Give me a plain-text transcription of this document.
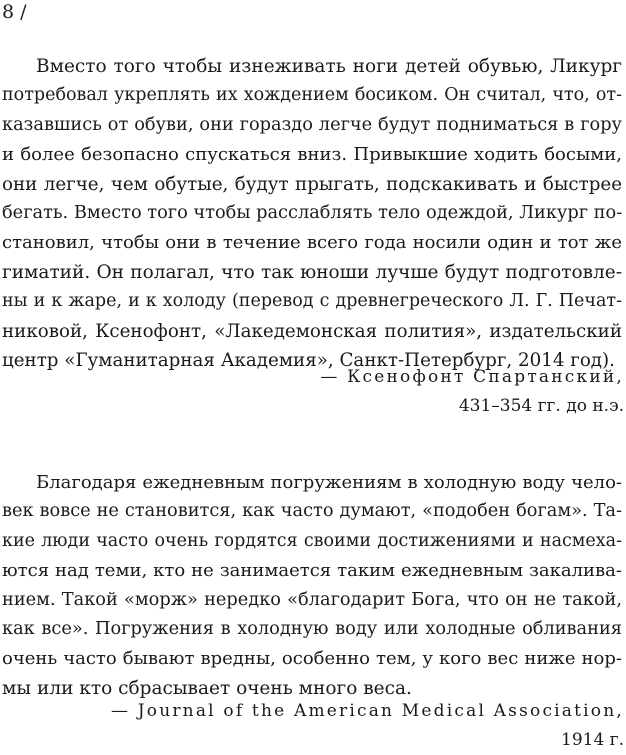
8 /
Вместо того чтобы изнеживать ноги детей обувью, Ликург
потребовал укреплять их хождением босиком. Он считал, что, от-
казавшись от обуви, они гораздо легче будут подниматься в гору
и более безопасно спускаться вниз. Привыкшие ходить босыми,
они легче, чем обутые, будут прыгать, подскакивать и быстрее
бегать. Вместо того чтобы расслаблять тело одеждой, Ликург по-
становил, чтобы они в течение всего года носили один и тот же
гиматий. Он полагал, что так юноши лучше будут подготовле-
ны и к жаре, и к холоду (перевод с древнегреческого Л. Г. Печат-
никовой, Ксенофонт, «Лакедемонская полития», издательский
центр «Гуманитарная Академия», Санкт-Петербург, 2014 год).
— Ксенофонт Спартанский,
431–354 гг. до н.э.
Благодаря ежедневным погружениям в холодную воду чело-
век вовсе не становится, как часто думают, «подобен богам». Та-
кие люди часто очень гордятся своими достижениями и насмеха-
ются над теми, кто не занимается таким ежедневным закалива-
нием. Такой «морж» нередко «благодарит Бога, что он не такой,
как все». Погружения в холодную воду или холодные обливания
очень часто бывают вредны, особенно тем, у кого вес ниже нор-
мы или кто сбрасывает очень много веса.
— Journal of the American Medical Association,
1914 г.
